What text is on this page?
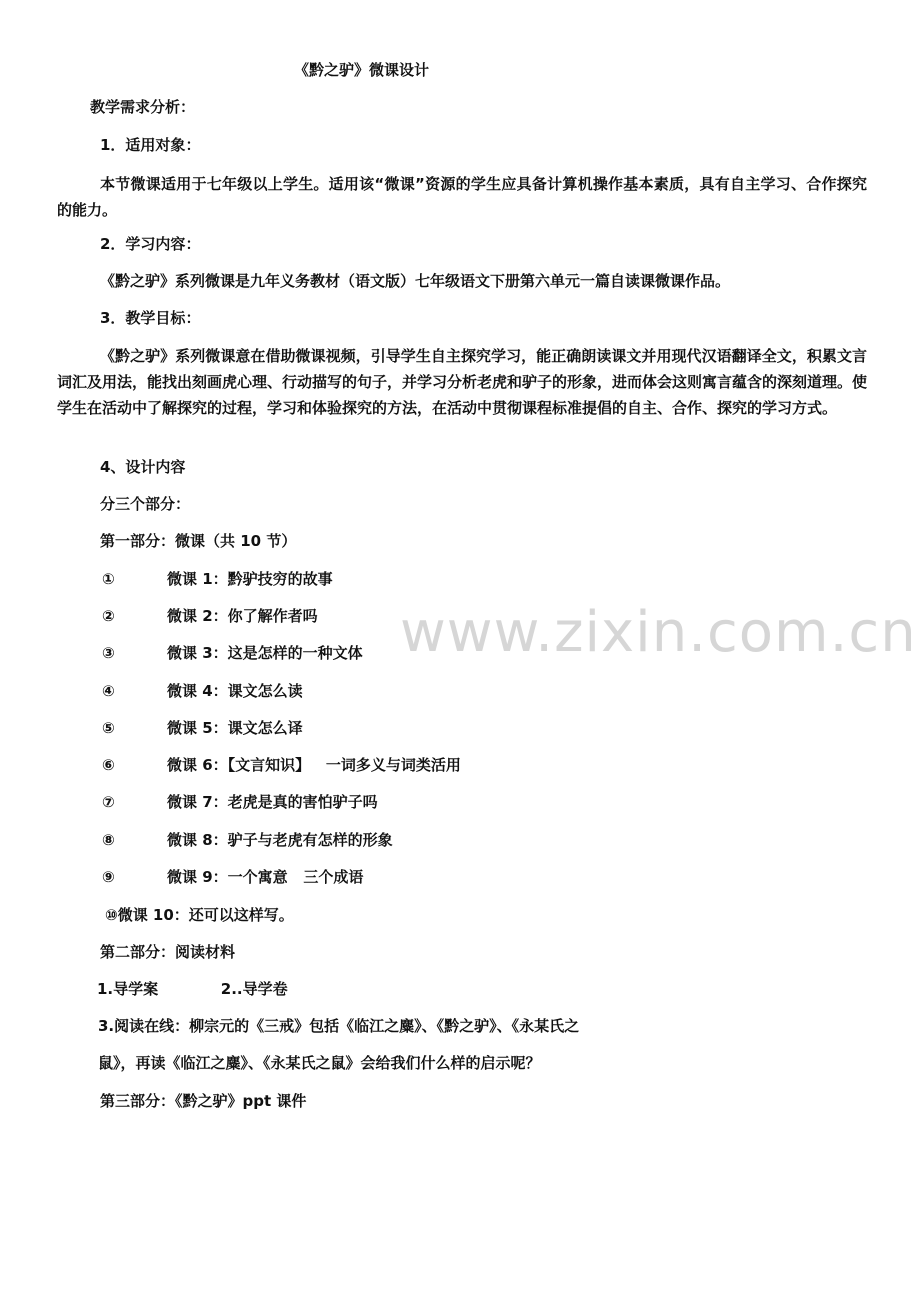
《黔之驴》微课设计
教学需求分析：
1．适用对象：
本节微课适用于七年级以上学生。适用该“微课”资源的学生应具备计算机操作基本素质，具有自主学习、合作探究的能力。
2．学习内容：
《黔之驴》系列微课是九年义务教材（语文版）七年级语文下册第六单元一篇自读课微课作品。
3．教学目标：
《黔之驴》系列微课意在借助微课视频，引导学生自主探究学习，能正确朗读课文并用现代汉语翻译全文，积累文言词汇及用法，能找出刻画虎心理、行动描写的句子，并学习分析老虎和驴子的形象，进而体会这则寓言蕴含的深刻道理。使学生在活动中了解探究的过程，学习和体验探究的方法，在活动中贯彻课程标准提倡的自主、合作、探究的学习方式。
4、设计内容
分三个部分：
第一部分：微课（共 10 节）
①	微课 1：黔驴技穷的故事
②	微课 2：你了解作者吗
③	微课 3：这是怎样的一种文体
④	微课 4：课文怎么读
⑤	微课 5：课文怎么译
⑥	微课 6：【文言知识】   一词多义与词类活用
⑦	微课 7：老虎是真的害怕驴子吗
⑧	微课 8：驴子与老虎有怎样的形象
⑨	微课 9：一个寓意   三个成语
⑩微课 10：还可以这样写。
第二部分：阅读材料
1.导学案            2..导学卷
3.阅读在线：柳宗元的《三戒》包括《临江之麋》、《黔之驴》、《永某氏之
鼠》，再读《临江之麋》、《永某氏之鼠》会给我们什么样的启示呢？
第三部分：《黔之驴》ppt 课件
www.zixin.com.cn
